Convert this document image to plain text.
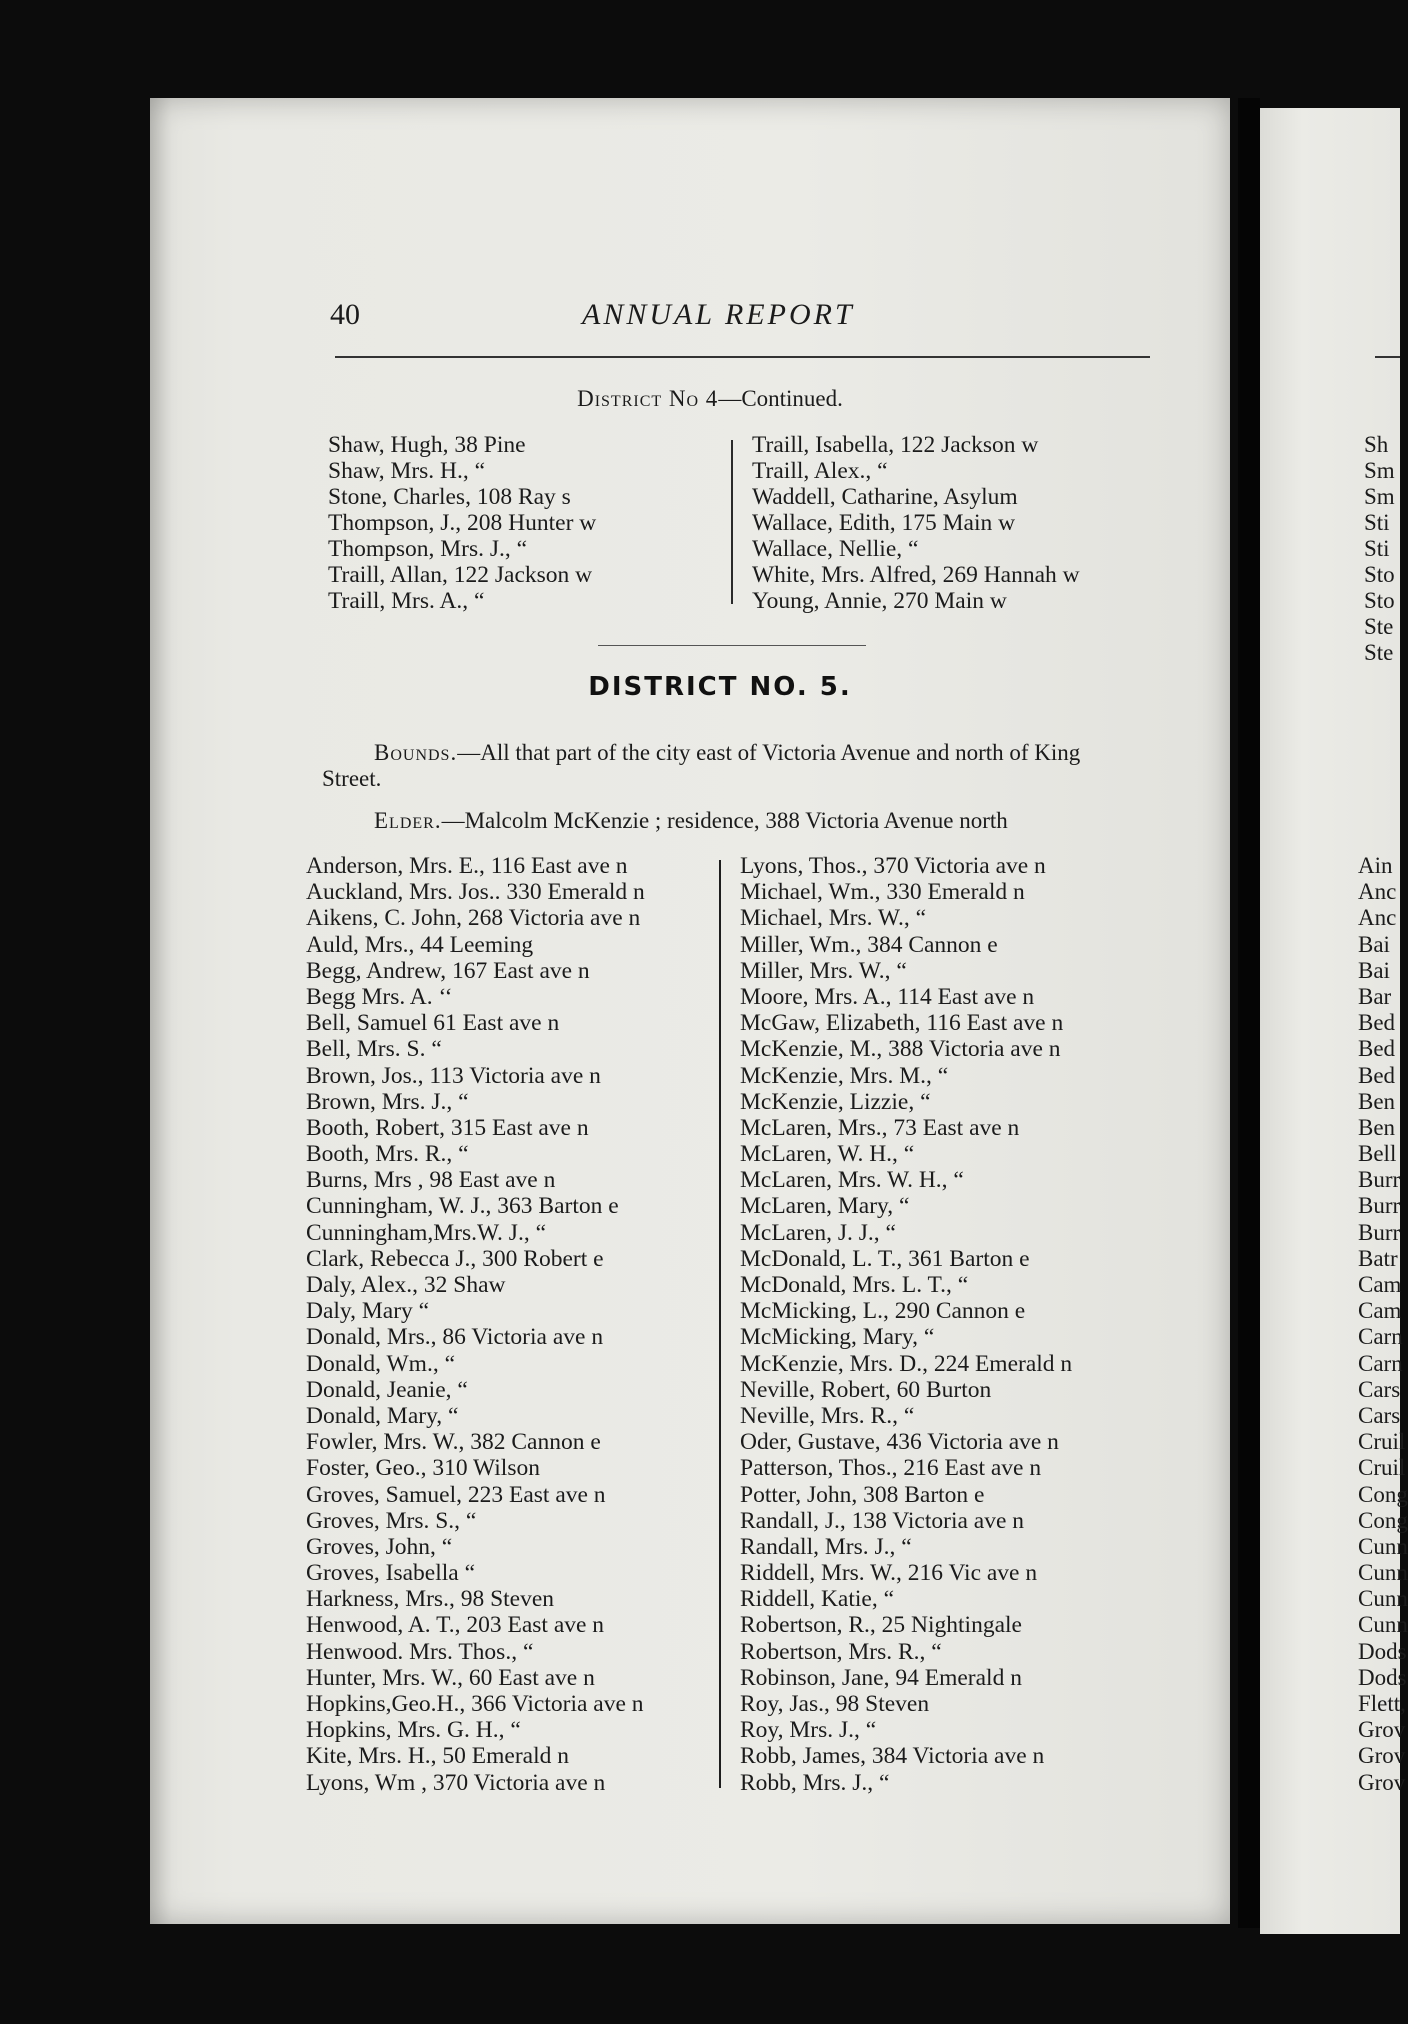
40	ANNUAL REPORT
District No 4—Continued.
Shaw, Hugh, 38 Pine
Shaw, Mrs. H., “
Stone, Charles, 108 Ray s
Thompson, J., 208 Hunter w
Thompson, Mrs. J., “
Traill, Allan, 122 Jackson w
Traill, Mrs. A., “
Traill, Isabella, 122 Jackson w
Traill, Alex., “
Waddell, Catharine, Asylum
Wallace, Edith, 175 Main w
Wallace, Nellie, “
White, Mrs. Alfred, 269 Hannah w
Young, Annie, 270 Main w
DISTRICT NO. 5.
Bounds.—All that part of the city east of Victoria Avenue and north of King Street.
Elder.—Malcolm McKenzie ; residence, 388 Victoria Avenue north
Anderson, Mrs. E., 116 East ave n
Auckland, Mrs. Jos.. 330 Emerald n
Aikens, C. John, 268 Victoria ave n
Auld, Mrs., 44 Leeming
Begg, Andrew, 167 East ave n
Begg Mrs. A. ‘‘
Bell, Samuel 61 East ave n
Bell, Mrs. S. “
Brown, Jos., 113 Victoria ave n
Brown, Mrs. J., “
Booth, Robert, 315 East ave n
Booth, Mrs. R., “
Burns, Mrs , 98 East ave n
Cunningham, W. J., 363 Barton e
Cunningham,Mrs.W. J., “
Clark, Rebecca J., 300 Robert e
Daly, Alex., 32 Shaw
Daly, Mary “
Donald, Mrs., 86 Victoria ave n
Donald, Wm., “
Donald, Jeanie, “
Donald, Mary, “
Fowler, Mrs. W., 382 Cannon e
Foster, Geo., 310 Wilson
Groves, Samuel, 223 East ave n
Groves, Mrs. S., “
Groves, John, “
Groves, Isabella “
Harkness, Mrs., 98 Steven
Henwood, A. T., 203 East ave n
Henwood. Mrs. Thos., “
Hunter, Mrs. W., 60 East ave n
Hopkins,Geo.H., 366 Victoria ave n
Hopkins, Mrs. G. H., “
Kite, Mrs. H., 50 Emerald n
Lyons, Wm , 370 Victoria ave n
Lyons, Thos., 370 Victoria ave n
Michael, Wm., 330 Emerald n
Michael, Mrs. W., “
Miller, Wm., 384 Cannon e
Miller, Mrs. W., “
Moore, Mrs. A., 114 East ave n
McGaw, Elizabeth, 116 East ave n
McKenzie, M., 388 Victoria ave n
McKenzie, Mrs. M., “
McKenzie, Lizzie, “
McLaren, Mrs., 73 East ave n
McLaren, W. H., “
McLaren, Mrs. W. H., “
McLaren, Mary, “
McLaren, J. J., “
McDonald, L. T., 361 Barton e
McDonald, Mrs. L. T., “
McMicking, L., 290 Cannon e
McMicking, Mary, “
McKenzie, Mrs. D., 224 Emerald n
Neville, Robert, 60 Burton
Neville, Mrs. R., “
Oder, Gustave, 436 Victoria ave n
Patterson, Thos., 216 East ave n
Potter, John, 308 Barton e
Randall, J., 138 Victoria ave n
Randall, Mrs. J., “
Riddell, Mrs. W., 216 Vic ave n
Riddell, Katie, “
Robertson, R., 25 Nightingale
Robertson, Mrs. R., “
Robinson, Jane, 94 Emerald n
Roy, Jas., 98 Steven
Roy, Mrs. J., “
Robb, James, 384 Victoria ave n
Robb, Mrs. J., “
Sh
Sm
Sm
Sti
Sti
Sto
Sto
Ste
Ste
Ain
Anc
Anc
Bai
Bai
Bar
Bed
Bed
Bed
Ben
Ben
Bell
Burr
Burr
Burr
Batr
Cam
Cam
Carn
Carn
Cars
Cars
Cruil
Cruil
Cong
Cong
Cunn
Cunn
Cunn
Cunn
Dods
Dods
Flett,
Grov
Grov
Grov
